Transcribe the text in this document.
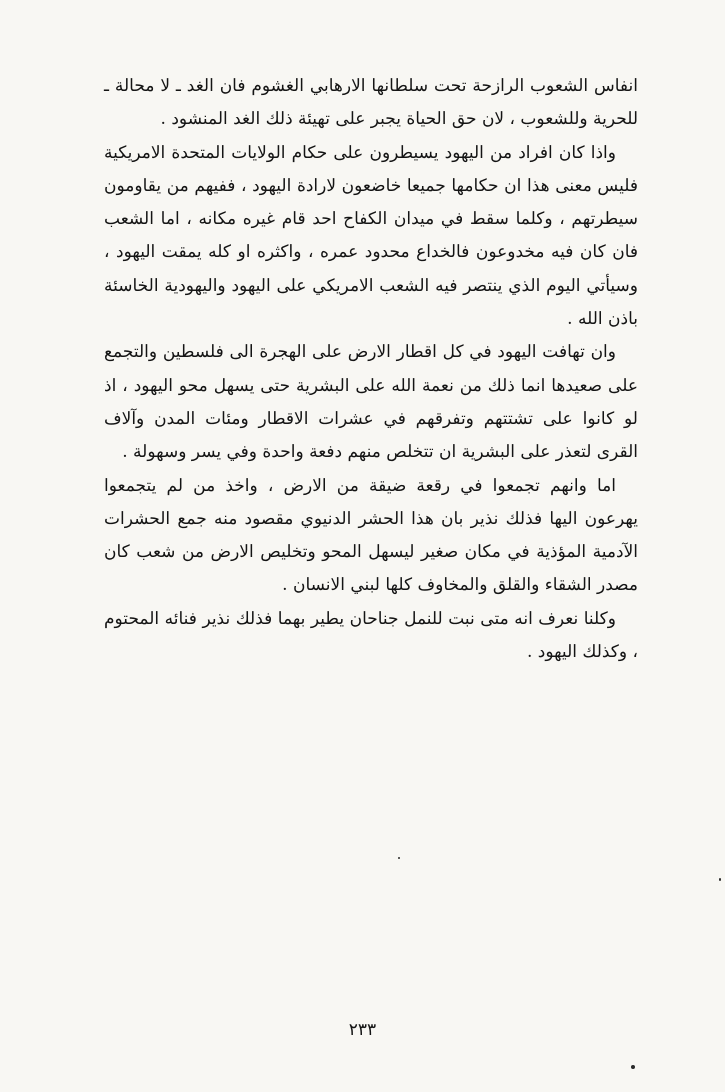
انفاس الشعوب الرازحة تحت سلطانها الارهابي الغشوم فان الغد ـ لا محالة ـ للحرية وللشعوب ، لان حق الحياة يجبر على تهيئة ذلك الغد المنشود .

واذا كان افراد من اليهود يسيطرون على حكام الولايات المتحدة الامريكية فليس معنى هذا ان حكامها جميعا خاضعون لارادة اليهود ، ففيهم من يقاومون سيطرتهم ، وكلما سقط في ميدان الكفاح احد قام غيره مكانه ، اما الشعب فان كان فيه مخدوعون فالخداع محدود عمره ، واكثره او كله يمقت اليهود ، وسيأتي اليوم الذي ينتصر فيه الشعب الامريكي على اليهود واليهودية الخاسئة باذن الله .

وان تهافت اليهود في كل اقطار الارض على الهجرة الى فلسطين والتجمع على صعيدها انما ذلك من نعمة الله على البشرية حتى يسهل محو اليهود ، اذ لو كانوا على تشتتهم وتفرقهم في عشرات الاقطار ومئات المدن وآلاف القرى لتعذر على البشرية ان تتخلص منهم دفعة واحدة وفي يسر وسهولة .

اما وانهم تجمعوا في رقعة ضيقة من الارض ، واخذ من لم يتجمعوا يهرعون اليها فذلك نذير بان هذا الحشر الدنيوي مقصود منه جمع الحشرات الآدمية المؤذية في مكان صغير ليسهل المحو وتخليص الارض من شعب كان مصدر الشقاء والقلق والمخاوف كلها لبني الانسان .

وكلنا نعرف انه متى نبت للنمل جناحان يطير بهما فذلك نذير فنائه المحتوم ، وكذلك اليهود .

٢٣٣
